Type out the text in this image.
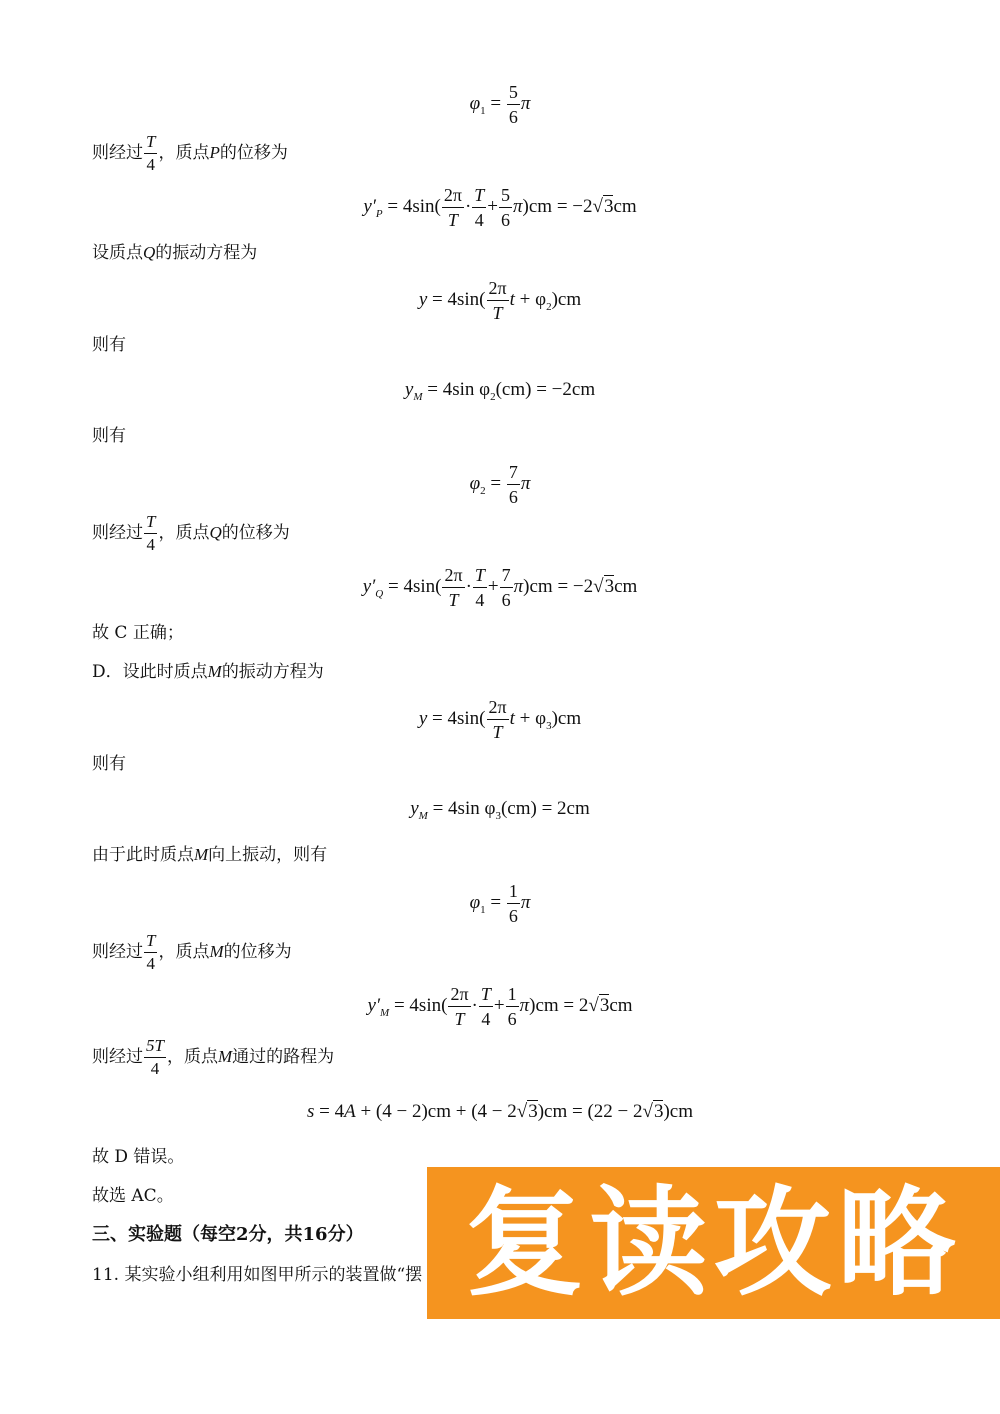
$\varphi_1 = \frac{5}{6}$ π
则经过 $\frac{T}{4}$ ，质点P的位移为
$y'_P = 4\sin( \frac{2\pi}{T} \cdot \frac{T}{4} + \frac{5}{6} \pi)cm = -2√3cm$
设质点Q的振动方程为
$y = 4\sin( \frac{2\pi}{T}$ $t + \varphi_2)cm$
则有
$y_M = 4\sin$ $\varphi_2(cm) = -2cm$
则有
$\varphi_2 = \frac{7}{6}$ π
则经过 $\frac{T}{4}$ ，质点Q的位移为
$y'_Q = 4\sin( \frac{2\pi}{T} \cdot \frac{T}{4} + \frac{7}{6} \pi)cm = -2√3cm$
故 C 正确；
D．设此时质点M的振动方程为
$y = 4\sin( \frac{2\pi}{T}$ $t + \varphi_3)cm$
则有
$y_M = 4\sin$ $\varphi_3(cm) = 2cm$
由于此时质点M向上振动，则有
$\varphi_1 = \frac{1}{6}$ π
则经过 $\frac{T}{4}$ ，质点M的位移为
$y'_M = 4\sin( \frac{2\pi}{T} \cdot \frac{T}{4} + \frac{1}{6} \pi)cm = 2√3cm$
则经过 $\frac{5T}{4}$ ，质点M通过的路程为
s = 4A + (4 − 2)cm + (4 − 2√3)cm = (22 − 2√3)cm
故 D 错误。
故选 AC。
三、实验题（每空2分，共16分）
11. 某实验小组利用如图甲所示的装置做“摆 复读攻略
